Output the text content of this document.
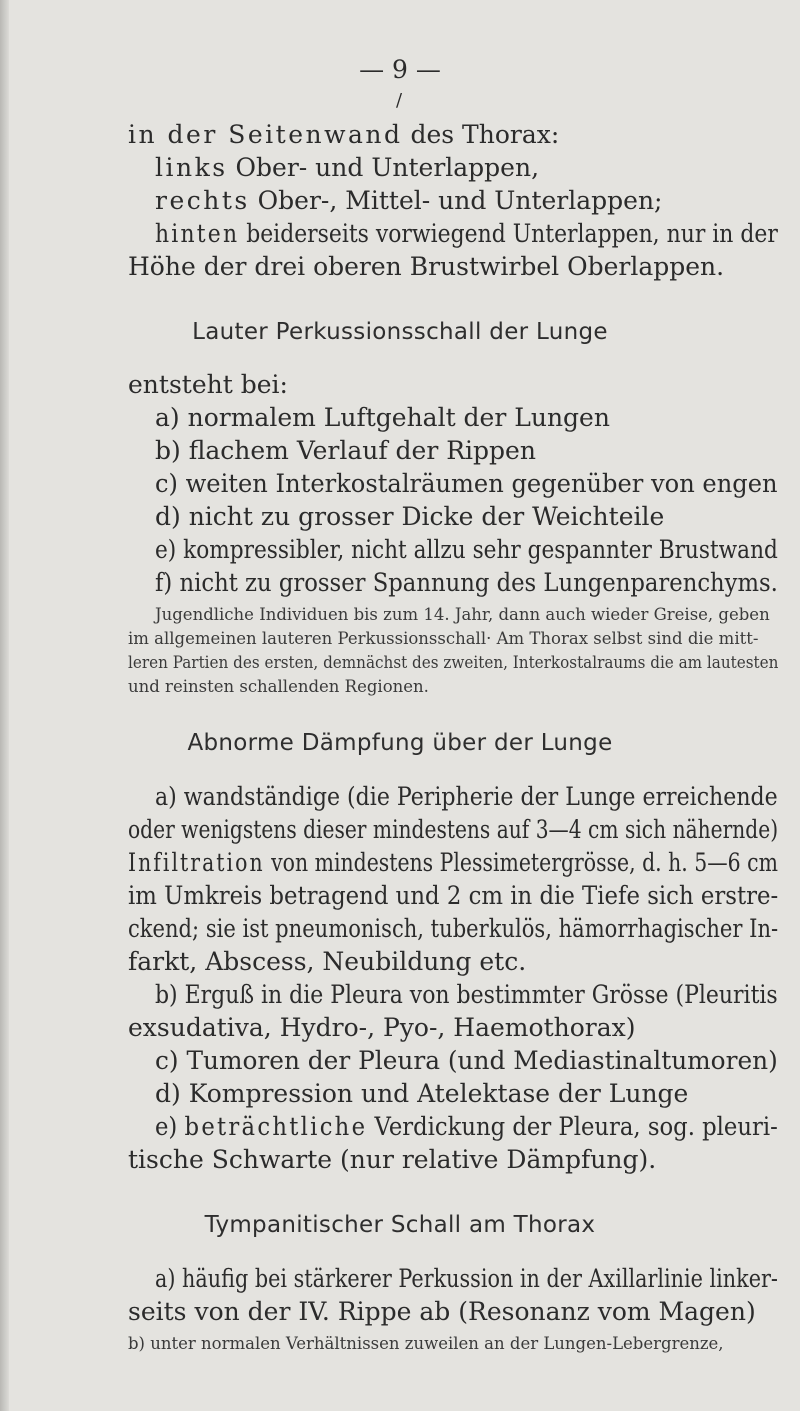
— 9 —
/
in der Seitenwand des Thorax:
links Ober- und Unterlappen,
rechts Ober-, Mittel- und Unterlappen;
hinten beiderseits vorwiegend Unterlappen, nur in der
Höhe der drei oberen Brustwirbel Oberlappen.
Lauter Perkussionsschall der Lunge
entsteht bei:
a) normalem Luftgehalt der Lungen
b) flachem Verlauf der Rippen
c) weiten Interkostalräumen gegenüber von engen
d) nicht zu grosser Dicke der Weichteile
e) kompressibler, nicht allzu sehr gespannter Brustwand
f) nicht zu grosser Spannung des Lungenparenchyms.
Jugendliche Individuen bis zum 14. Jahr, dann auch wieder Greise, geben
im allgemeinen lauteren Perkussionsschall· Am Thorax selbst sind die mitt-
leren Partien des ersten, demnächst des zweiten, Interkostalraums die am lautesten
und reinsten schallenden Regionen.
Abnorme Dämpfung über der Lunge
a) wandständige (die Peripherie der Lunge erreichende
oder wenigstens dieser mindestens auf 3—4 cm sich nähernde)
Infiltration von mindestens Plessimetergrösse, d. h. 5—6 cm
im Umkreis betragend und 2 cm in die Tiefe sich erstre-
ckend; sie ist pneumonisch, tuberkulös, hämorrhagischer In-
farkt, Abscess, Neubildung etc.
b) Erguß in die Pleura von bestimmter Grösse (Pleuritis
exsudativa, Hydro-, Pyo-, Haemothorax)
c) Tumoren der Pleura (und Mediastinaltumoren)
d) Kompression und Atelektase der Lunge
e) beträchtliche Verdickung der Pleura, sog. pleuri-
tische Schwarte (nur relative Dämpfung).
Tympanitischer Schall am Thorax
a) häufig bei stärkerer Perkussion in der Axillarlinie linker-
seits von der IV. Rippe ab (Resonanz vom Magen)
b) unter normalen Verhältnissen zuweilen an der Lungen-Lebergrenze,
